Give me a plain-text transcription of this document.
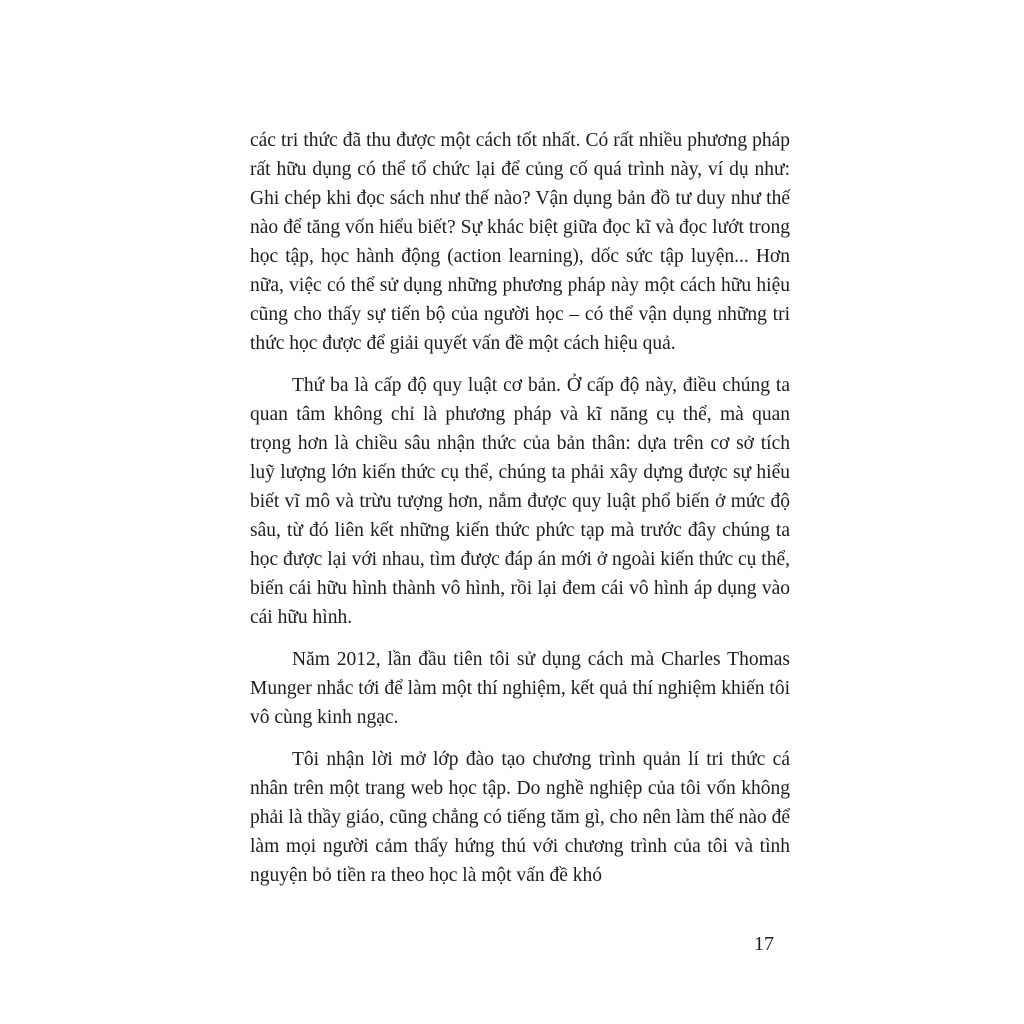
các tri thức đã thu được một cách tốt nhất. Có rất nhiều phương pháp rất hữu dụng có thể tổ chức lại để củng cố quá trình này, ví dụ như: Ghi chép khi đọc sách như thế nào? Vận dụng bản đồ tư duy như thế nào để tăng vốn hiểu biết? Sự khác biệt giữa đọc kĩ và đọc lướt trong học tập, học hành động (action learning), dốc sức tập luyện... Hơn nữa, việc có thể sử dụng những phương pháp này một cách hữu hiệu cũng cho thấy sự tiến bộ của người học – có thể vận dụng những tri thức học được để giải quyết vấn đề một cách hiệu quả.

Thứ ba là cấp độ quy luật cơ bản. Ở cấp độ này, điều chúng ta quan tâm không chỉ là phương pháp và kĩ năng cụ thể, mà quan trọng hơn là chiều sâu nhận thức của bản thân: dựa trên cơ sở tích luỹ lượng lớn kiến thức cụ thể, chúng ta phải xây dựng được sự hiểu biết vĩ mô và trừu tượng hơn, nắm được quy luật phổ biến ở mức độ sâu, từ đó liên kết những kiến thức phức tạp mà trước đây chúng ta học được lại với nhau, tìm được đáp án mới ở ngoài kiến thức cụ thể, biến cái hữu hình thành vô hình, rồi lại đem cái vô hình áp dụng vào cái hữu hình.

Năm 2012, lần đầu tiên tôi sử dụng cách mà Charles Thomas Munger nhắc tới để làm một thí nghiệm, kết quả thí nghiệm khiến tôi vô cùng kinh ngạc.

Tôi nhận lời mở lớp đào tạo chương trình quản lí tri thức cá nhân trên một trang web học tập. Do nghề nghiệp của tôi vốn không phải là thầy giáo, cũng chẳng có tiếng tăm gì, cho nên làm thế nào để làm mọi người cảm thấy hứng thú với chương trình của tôi và tình nguyện bỏ tiền ra theo học là một vấn đề khó

17
